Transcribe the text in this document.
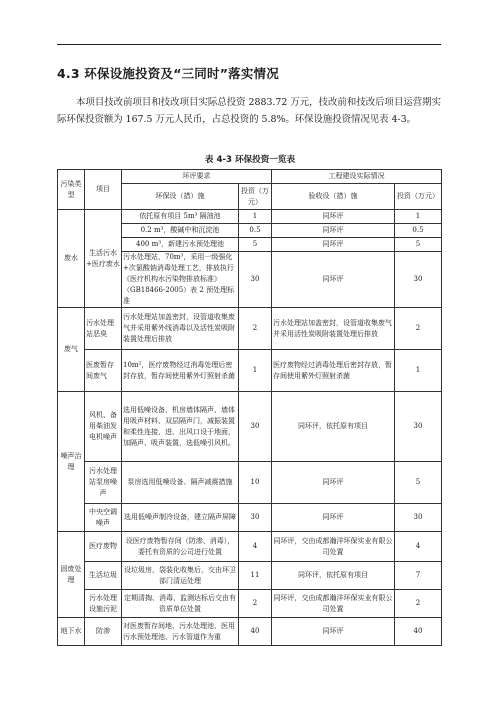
4.3 环保设施投资及“三同时”落实情况

本项目技改前项目和技改项目实际总投资 2883.72 万元，技改前和技改后项目运营期实际环保投资额为 167.5 万元人民币，占总投资的 5.8%。环保设施投资情况见表 4-3。

表 4-3 环保投资一览表
污染类型	项目	环评要求		工程建设实际情况	
		环保设（措）施	投资（万元）	验收设（措）施	投资（万元）
废水	生活污水+医疗废水	依托原有项目 5m³ 隔油池	1	同环评	1
		0.2 m³，酸碱中和沉淀池	0.5	同环评	0.5
		400 m³，新建污水预处理池	5	同环评	5
		污水处理站，70m³，采用一级强化+次氯酸钠消毒处理工艺，排放执行《医疗机构水污染物排放标准》（GB18466-2005）表 2 预处理标准	30	同环评	30
废气	污水处理站恶臭	污水处理站加盖密封，设管道收集废气并采用紫外线消毒以及活性炭吸附装置处理后排放	2	污水处理站加盖密封，设管道收集废气并采用活性炭吸附装置处理后排放	2
	医废暂存间废气	10m²，医疗废物经过消毒处理后密封存放，暂存间使用紫外灯照射杀菌	1	医疗废物经过消毒处理后密封存放，暂存间使用紫外灯照射杀菌	1
噪声治理	风机、备用柴油发电机噪声	选用低噪设备、机房墙体隔声、墙体用吸声材料、双层隔声门，减振装置和柔性连接，进、出风口设于地面，加隔声、吸声装置，选低噪引风机。	30	同环评，依托原有项目	30
	污水处理站泵房噪声	泵房选用低噪设备、隔声减震措施	10	同环评	5
	中央空调噪声	选用低噪声制冷设备，建立隔声屏障	30	同环评	30
固废处理	医疗废物	设医疗废物暂存间（防渗、消毒），委托有资质的公司进行处置	4	同环评，交由成都瀚洋环保实业有限公司处置	4
	生活垃圾	设垃圾房，袋装化收集后，交由环卫部门清运处理	11	同环评，依托原有项目	7
	污水处理设施污泥	定期清掏、消毒，监测达标后交由有资质单位处置	2	同环评，交由成都瀚洋环保实业有限公司处置	2
地下水	防渗	对医废暂存间地、污水处理池、医用污水预处理池、污水管道作为重	40	同环评	40
